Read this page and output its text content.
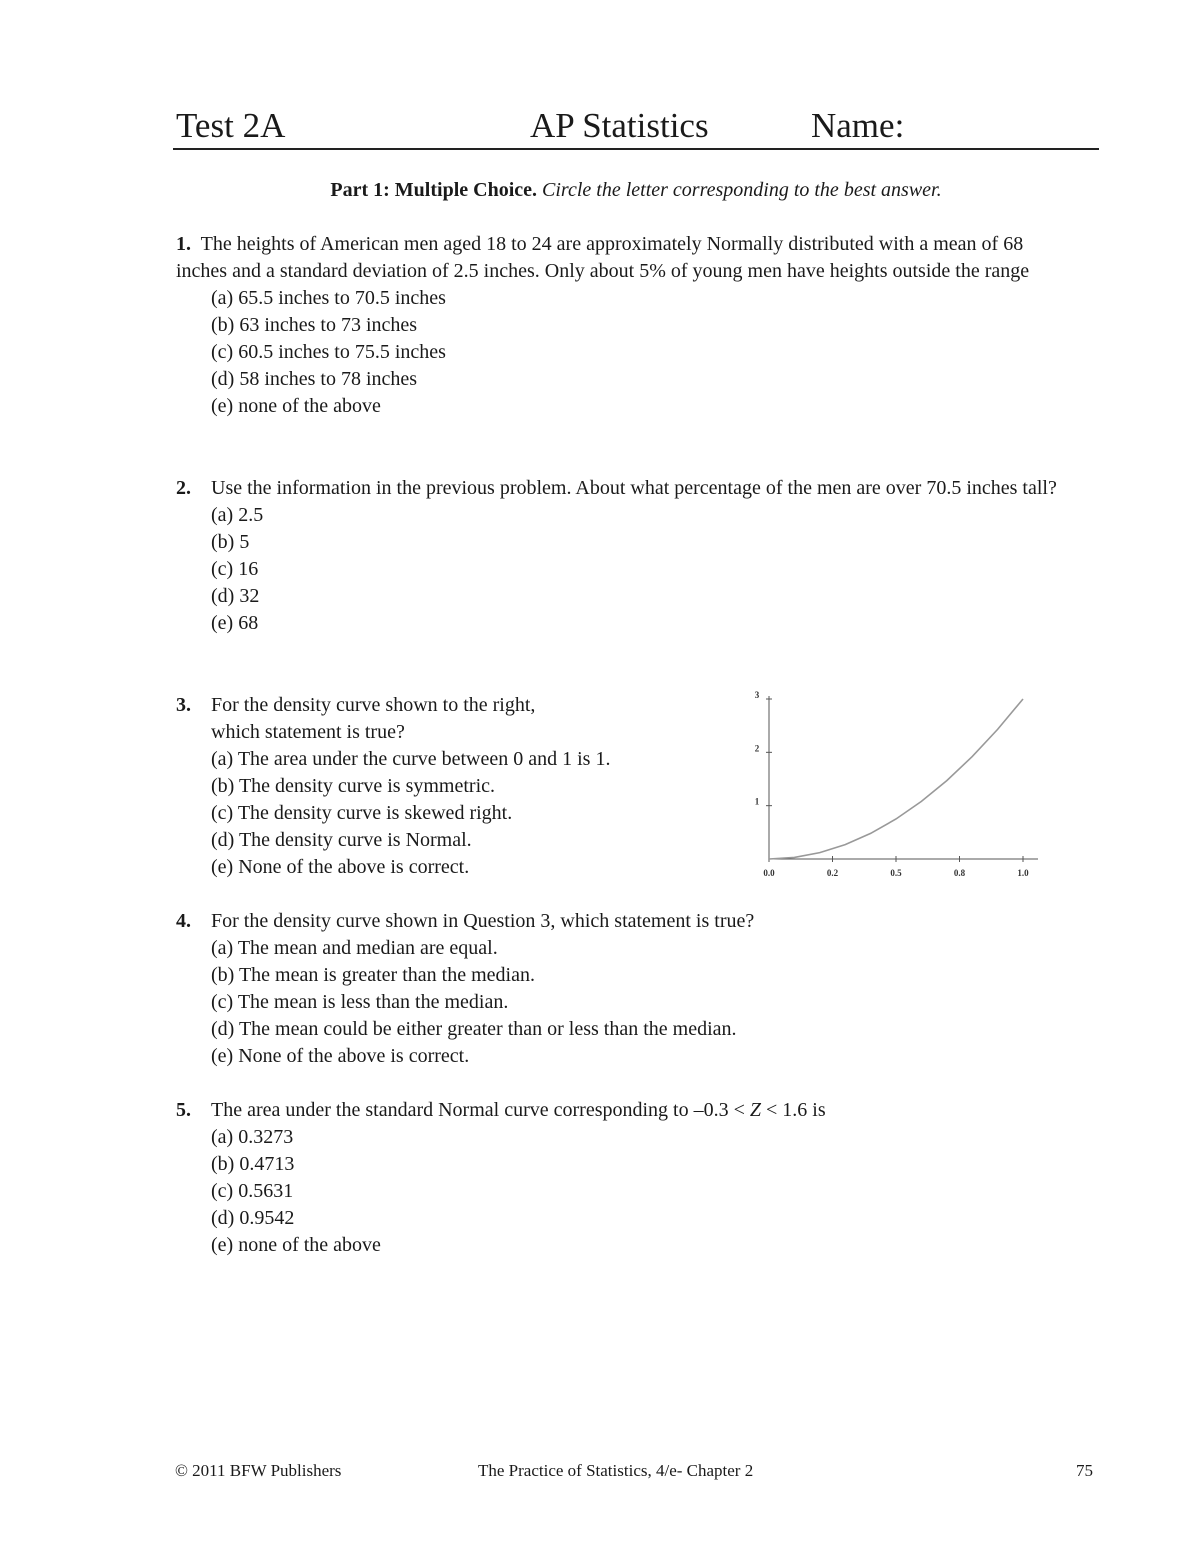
Test 2A	AP Statistics	Name:
Part 1: Multiple Choice. Circle the letter corresponding to the best answer.
1. The heights of American men aged 18 to 24 are approximately Normally distributed with a mean of 68 inches and a standard deviation of 2.5 inches. Only about 5% of young men have heights outside the range
(a) 65.5 inches to 70.5 inches
(b) 63 inches to 73 inches
(c) 60.5 inches to 75.5 inches
(d) 58 inches to 78 inches
(e) none of the above
2.	Use the information in the previous problem. About what percentage of the men are over 70.5 inches tall?
(a) 2.5
(b) 5
(c) 16
(d) 32
(e) 68
3.	For the density curve shown to the right,
which statement is true?
(a) The area under the curve between 0 and 1 is 1.
(b) The density curve is symmetric.
(c) The density curve is skewed right.
(d) The density curve is Normal.
(e) None of the above is correct.	0.0	0.2	0.5	0.8	1.0
1
2
3
4.	For the density curve shown in Question 3, which statement is true?
(a) The mean and median are equal.
(b) The mean is greater than the median.
(c) The mean is less than the median.
(d) The mean could be either greater than or less than the median.
(e) None of the above is correct.
5.	The area under the standard Normal curve corresponding to –0.3 < Z < 1.6 is
(a) 0.3273
(b) 0.4713
(c) 0.5631
(d) 0.9542
(e) none of the above
© 2011 BFW Publishers	The Practice of Statistics, 4/e- Chapter 2	75
